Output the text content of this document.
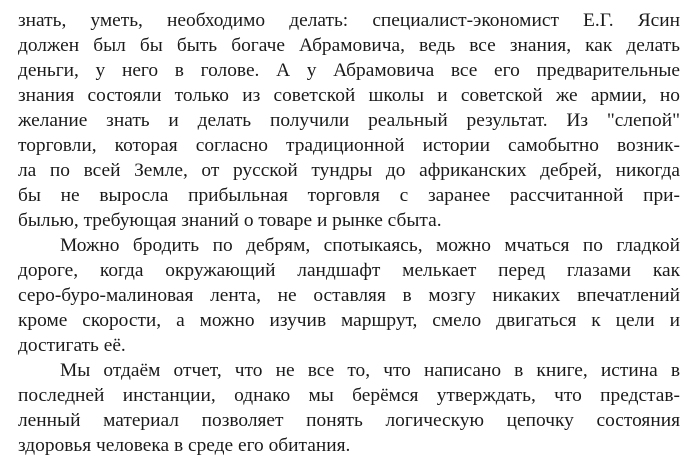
знать, уметь, необходимо делать: специалист-экономист Е.Г. Ясин
должен был бы быть богаче Абрамовича, ведь все знания, как делать
деньги, у него в голове. А у Абрамовича все его предварительные
знания состояли только из советской школы и советской же армии, но
желание знать и делать получили реальный результат. Из "слепой"
торговли, которая согласно традиционной истории самобытно возник-
ла по всей Земле, от русской тундры до африканских дебрей, никогда
бы не выросла прибыльная торговля с заранее рассчитанной при-
былью, требующая знаний о товаре и рынке сбыта.
Можно бродить по дебрям, спотыкаясь, можно мчаться по гладкой
дороге, когда окружающий ландшафт мелькает перед глазами как
серо-буро-малиновая лента, не оставляя в мозгу никаких впечатлений
кроме скорости, а можно изучив маршрут, смело двигаться к цели и
достигать её.
Мы отдаём отчет, что не все то, что написано в книге, истина в
последней инстанции, однако мы берёмся утверждать, что представ-
ленный материал позволяет понять логическую цепочку состояния
здоровья человека в среде его обитания.
